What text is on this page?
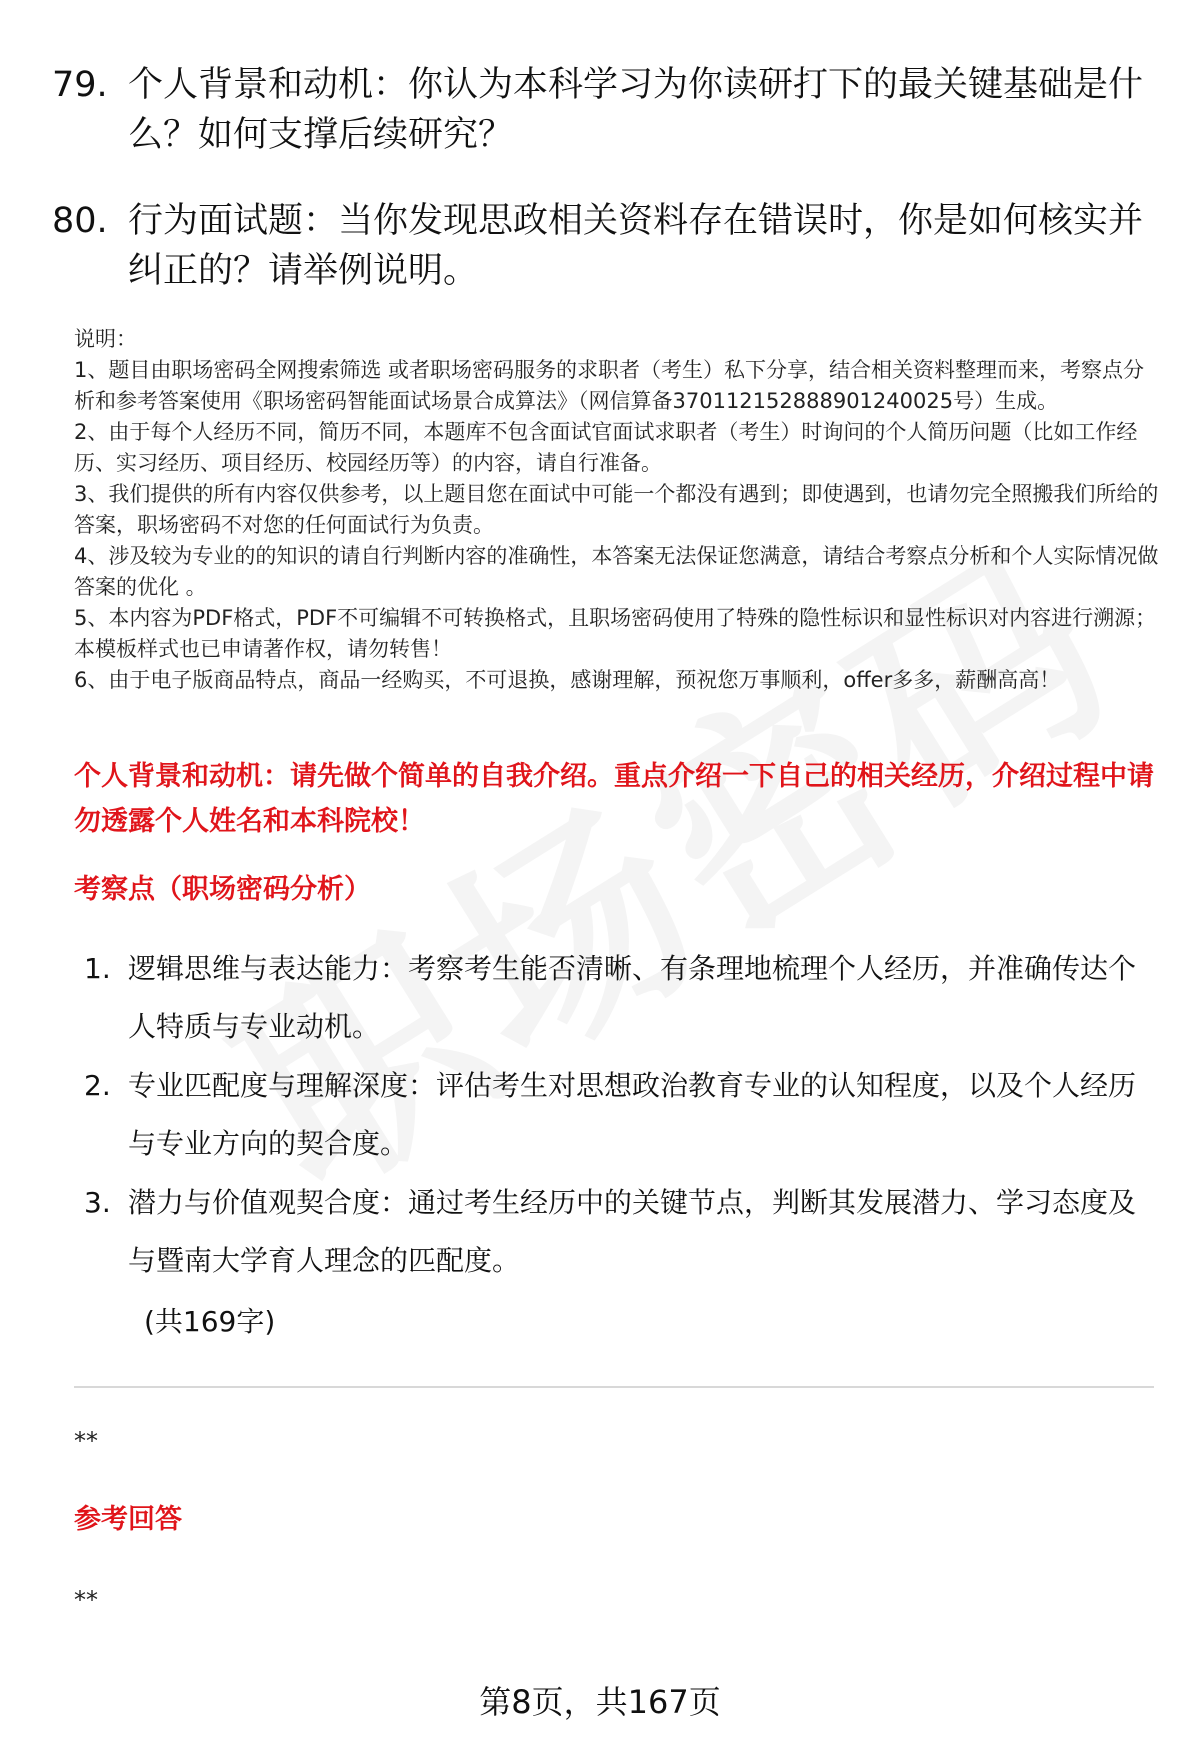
79. 个人背景和动机：你认为本科学习为你读研打下的最关键基础是什么？如何支撑后续研究？
80. 行为面试题：当你发现思政相关资料存在错误时，你是如何核实并纠正的？请举例说明。

说明：

1、题目由职场密码全网搜索筛选 或者职场密码服务的求职者（考生）私下分享，结合相关资料整理而来，考察点分析和参考答案使用《职场密码智能面试场景合成算法》（网信算备370112152888901240025号）生成。

2、由于每个人经历不同，简历不同，本题库不包含面试官面试求职者（考生）时询问的个人简历问题（比如工作经历、实习经历、项目经历、校园经历等）的内容，请自行准备。

3、我们提供的所有内容仅供参考，以上题目您在面试中可能一个都没有遇到；即使遇到，也请勿完全照搬我们所给的答案，职场密码不对您的任何面试行为负责。

4、涉及较为专业的的知识的请自行判断内容的准确性，本答案无法保证您满意，请结合考察点分析和个人实际情况做答案的优化 。

5、本内容为PDF格式，PDF不可编辑不可转换格式，且职场密码使用了特殊的隐性标识和显性标识对内容进行溯源；本模板样式也已申请著作权，请勿转售！

6、由于电子版商品特点，商品一经购买，不可退换，感谢理解，预祝您万事顺利，offer多多，薪酬高高！

个人背景和动机：请先做个简单的自我介绍。重点介绍一下自己的相关经历，介绍过程中请勿透露个人姓名和本科院校！
考察点（职场密码分析）
1. 逻辑思维与表达能力：考察考生能否清晰、有条理地梳理个人经历，并准确传达个人特质与专业动机。
2. 专业匹配度与理解深度：评估考生对思想政治教育专业的认知程度，以及个人经历与专业方向的契合度。
3. 潜力与价值观契合度：通过考生经历中的关键节点，判断其发展潜力、学习态度及与暨南大学育人理念的匹配度。
(共169字)
**
参考回答
**
第8页，共167页
